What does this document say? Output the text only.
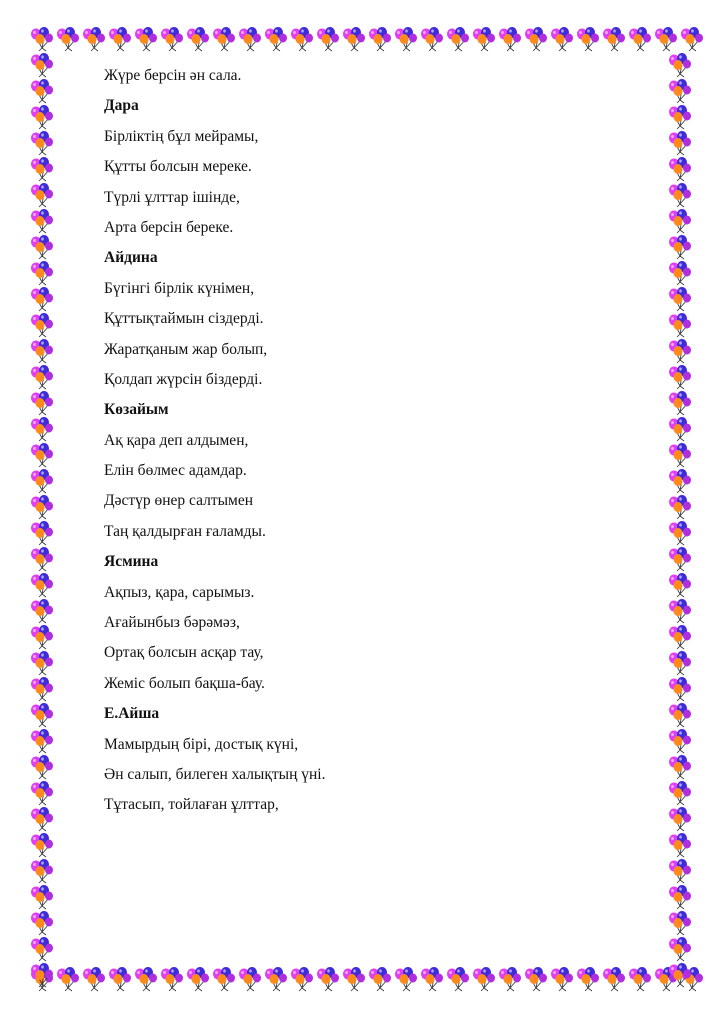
Жүре берсін ән сала.
Дара
Бірліктің бұл мейрамы,
Құтты болсын мереке.
Түрлі ұлттар ішінде,
Арта берсін береке.
Айдина
Бүгінгі бірлік күнімен,
Құттықтаймын сіздерді.
Жаратқаным жар болып,
Қолдап жүрсін біздерді.
Көзайым
Ақ қара деп алдымен,
Елін бөлмес адамдар.
Дәстүр өнер салтымен
Таң қалдырған ғаламды.
Ясмина
Ақпыз, қара, сарымыз.
Ағайынбыз бәрәмәз,
Ортақ болсын асқар тау,
Жеміс болып бақша-бау.
Е.Айша
Мамырдың бірі, достық күні,
Ән салып, билеген халықтың үні.
Тұтасып, тойлаған ұлттар,
